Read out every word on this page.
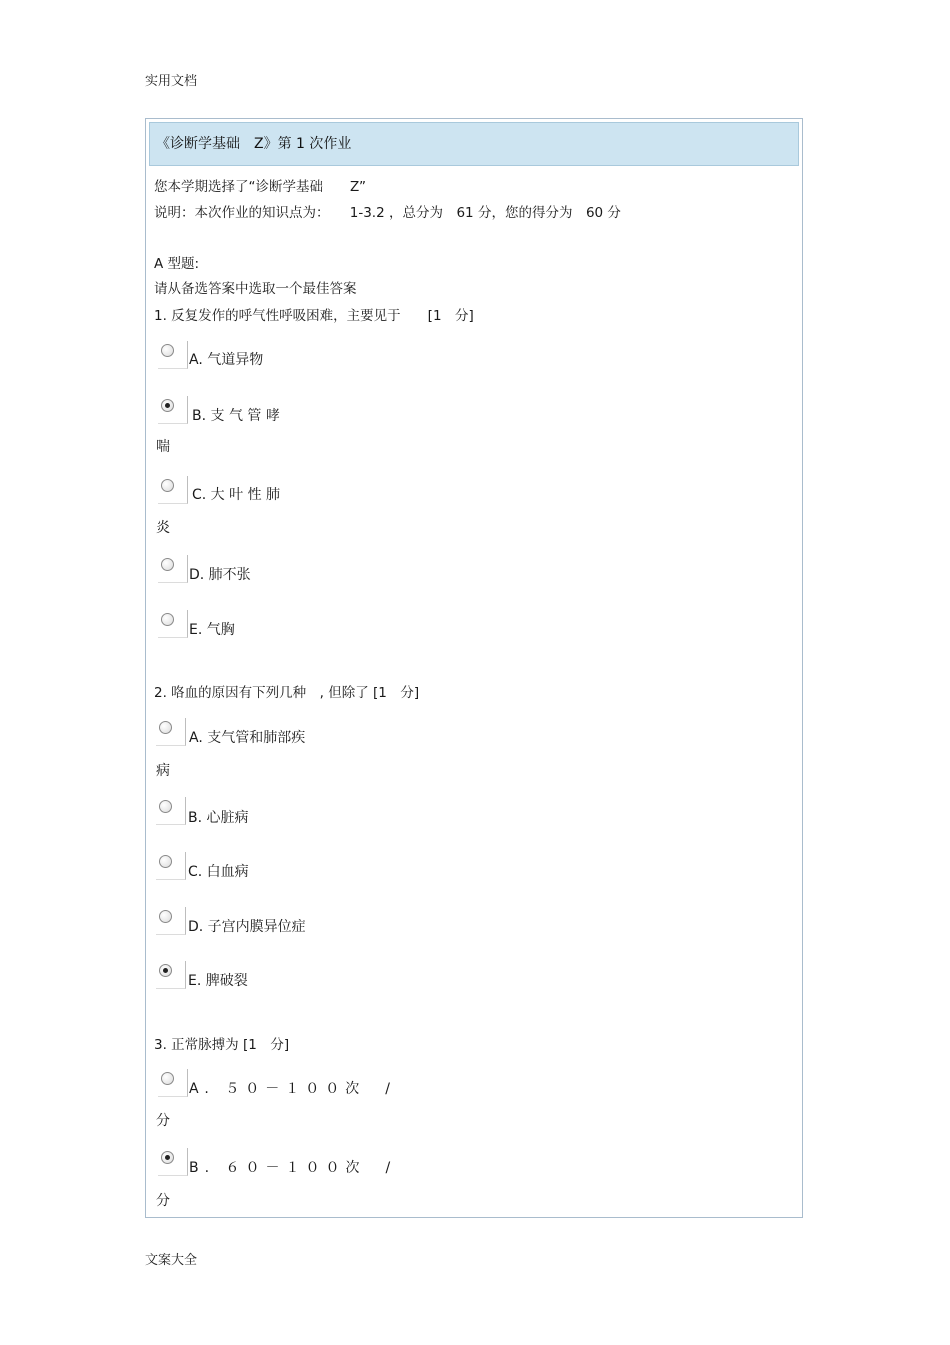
实用文档
《诊断学基础　Z》第 1 次作业
您本学期选择了“诊断学基础　　Z”
说明：本次作业的知识点为：　　1-3.2 ，总分为　61 分，您的得分为　60 分
A 型题:
请从备选答案中选取一个最佳答案
1. 反复发作的呼气性呼吸困难，主要见于　　[1　分]
A. 气道异物
B. 支 气 管 哮
喘
C. 大 叶 性 肺
炎
D. 肺不张
E. 气胸
2. 咯血的原因有下列几种　, 但除了 [1　分]
A. 支气管和肺部疾
病
B. 心脏病
C. 白血病
D. 子宫内膜异位症
E. 脾破裂
3. 正常脉搏为 [1　分]
A. ５０－１００次　/
分
B. ６０－１００次　/
分
文案大全
